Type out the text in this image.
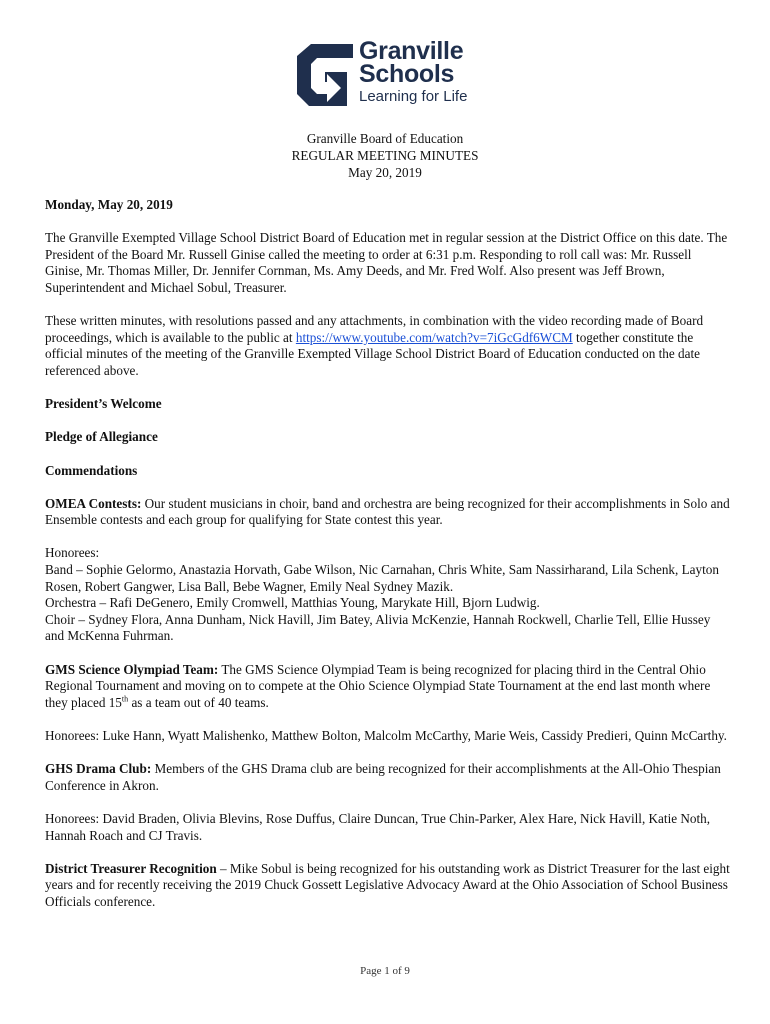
Granville
Schools
Learning for Life
Granville Board of Education
REGULAR MEETING MINUTES
May 20, 2019

Monday, May 20, 2019

The Granville Exempted Village School District Board of Education met in regular session at the District Office on this date. The President of the Board Mr. Russell Ginise called the meeting to order at 6:31 p.m. Responding to roll call was: Mr. Russell Ginise, Mr. Thomas Miller, Dr. Jennifer Cornman, Ms. Amy Deeds, and Mr. Fred Wolf. Also present was Jeff Brown, Superintendent and Michael Sobul, Treasurer.

These written minutes, with resolutions passed and any attachments, in combination with the video recording made of Board proceedings, which is available to the public at https://www.youtube.com/watch?v=7iGcGdf6WCM together constitute the official minutes of the meeting of the Granville Exempted Village School District Board of Education conducted on the date referenced above.

President’s Welcome

Pledge of Allegiance

Commendations

OMEA Contests: Our student musicians in choir, band and orchestra are being recognized for their accomplishments in Solo and Ensemble contests and each group for qualifying for State contest this year.

Honorees:
Band – Sophie Gelormo, Anastazia Horvath, Gabe Wilson, Nic Carnahan, Chris White, Sam Nassirharand, Lila Schenk, Layton Rosen, Robert Gangwer, Lisa Ball, Bebe Wagner, Emily Neal Sydney Mazik.
Orchestra – Rafi DeGenero, Emily Cromwell, Matthias Young, Marykate Hill, Bjorn Ludwig.
Choir – Sydney Flora, Anna Dunham, Nick Havill, Jim Batey, Alivia McKenzie, Hannah Rockwell, Charlie Tell, Ellie Hussey and McKenna Fuhrman.

GMS Science Olympiad Team: The GMS Science Olympiad Team is being recognized for placing third in the Central Ohio Regional Tournament and moving on to compete at the Ohio Science Olympiad State Tournament at the end last month where they placed 15th as a team out of 40 teams.

Honorees: Luke Hann, Wyatt Malishenko, Matthew Bolton, Malcolm McCarthy, Marie Weis, Cassidy Predieri, Quinn McCarthy.

GHS Drama Club: Members of the GHS Drama club are being recognized for their accomplishments at the All-Ohio Thespian Conference in Akron.

Honorees: David Braden, Olivia Blevins, Rose Duffus, Claire Duncan, True Chin-Parker, Alex Hare, Nick Havill, Katie Noth, Hannah Roach and CJ Travis.

District Treasurer Recognition – Mike Sobul is being recognized for his outstanding work as District Treasurer for the last eight years and for recently receiving the 2019 Chuck Gossett Legislative Advocacy Award at the Ohio Association of School Business Officials conference.

Page 1 of 9
